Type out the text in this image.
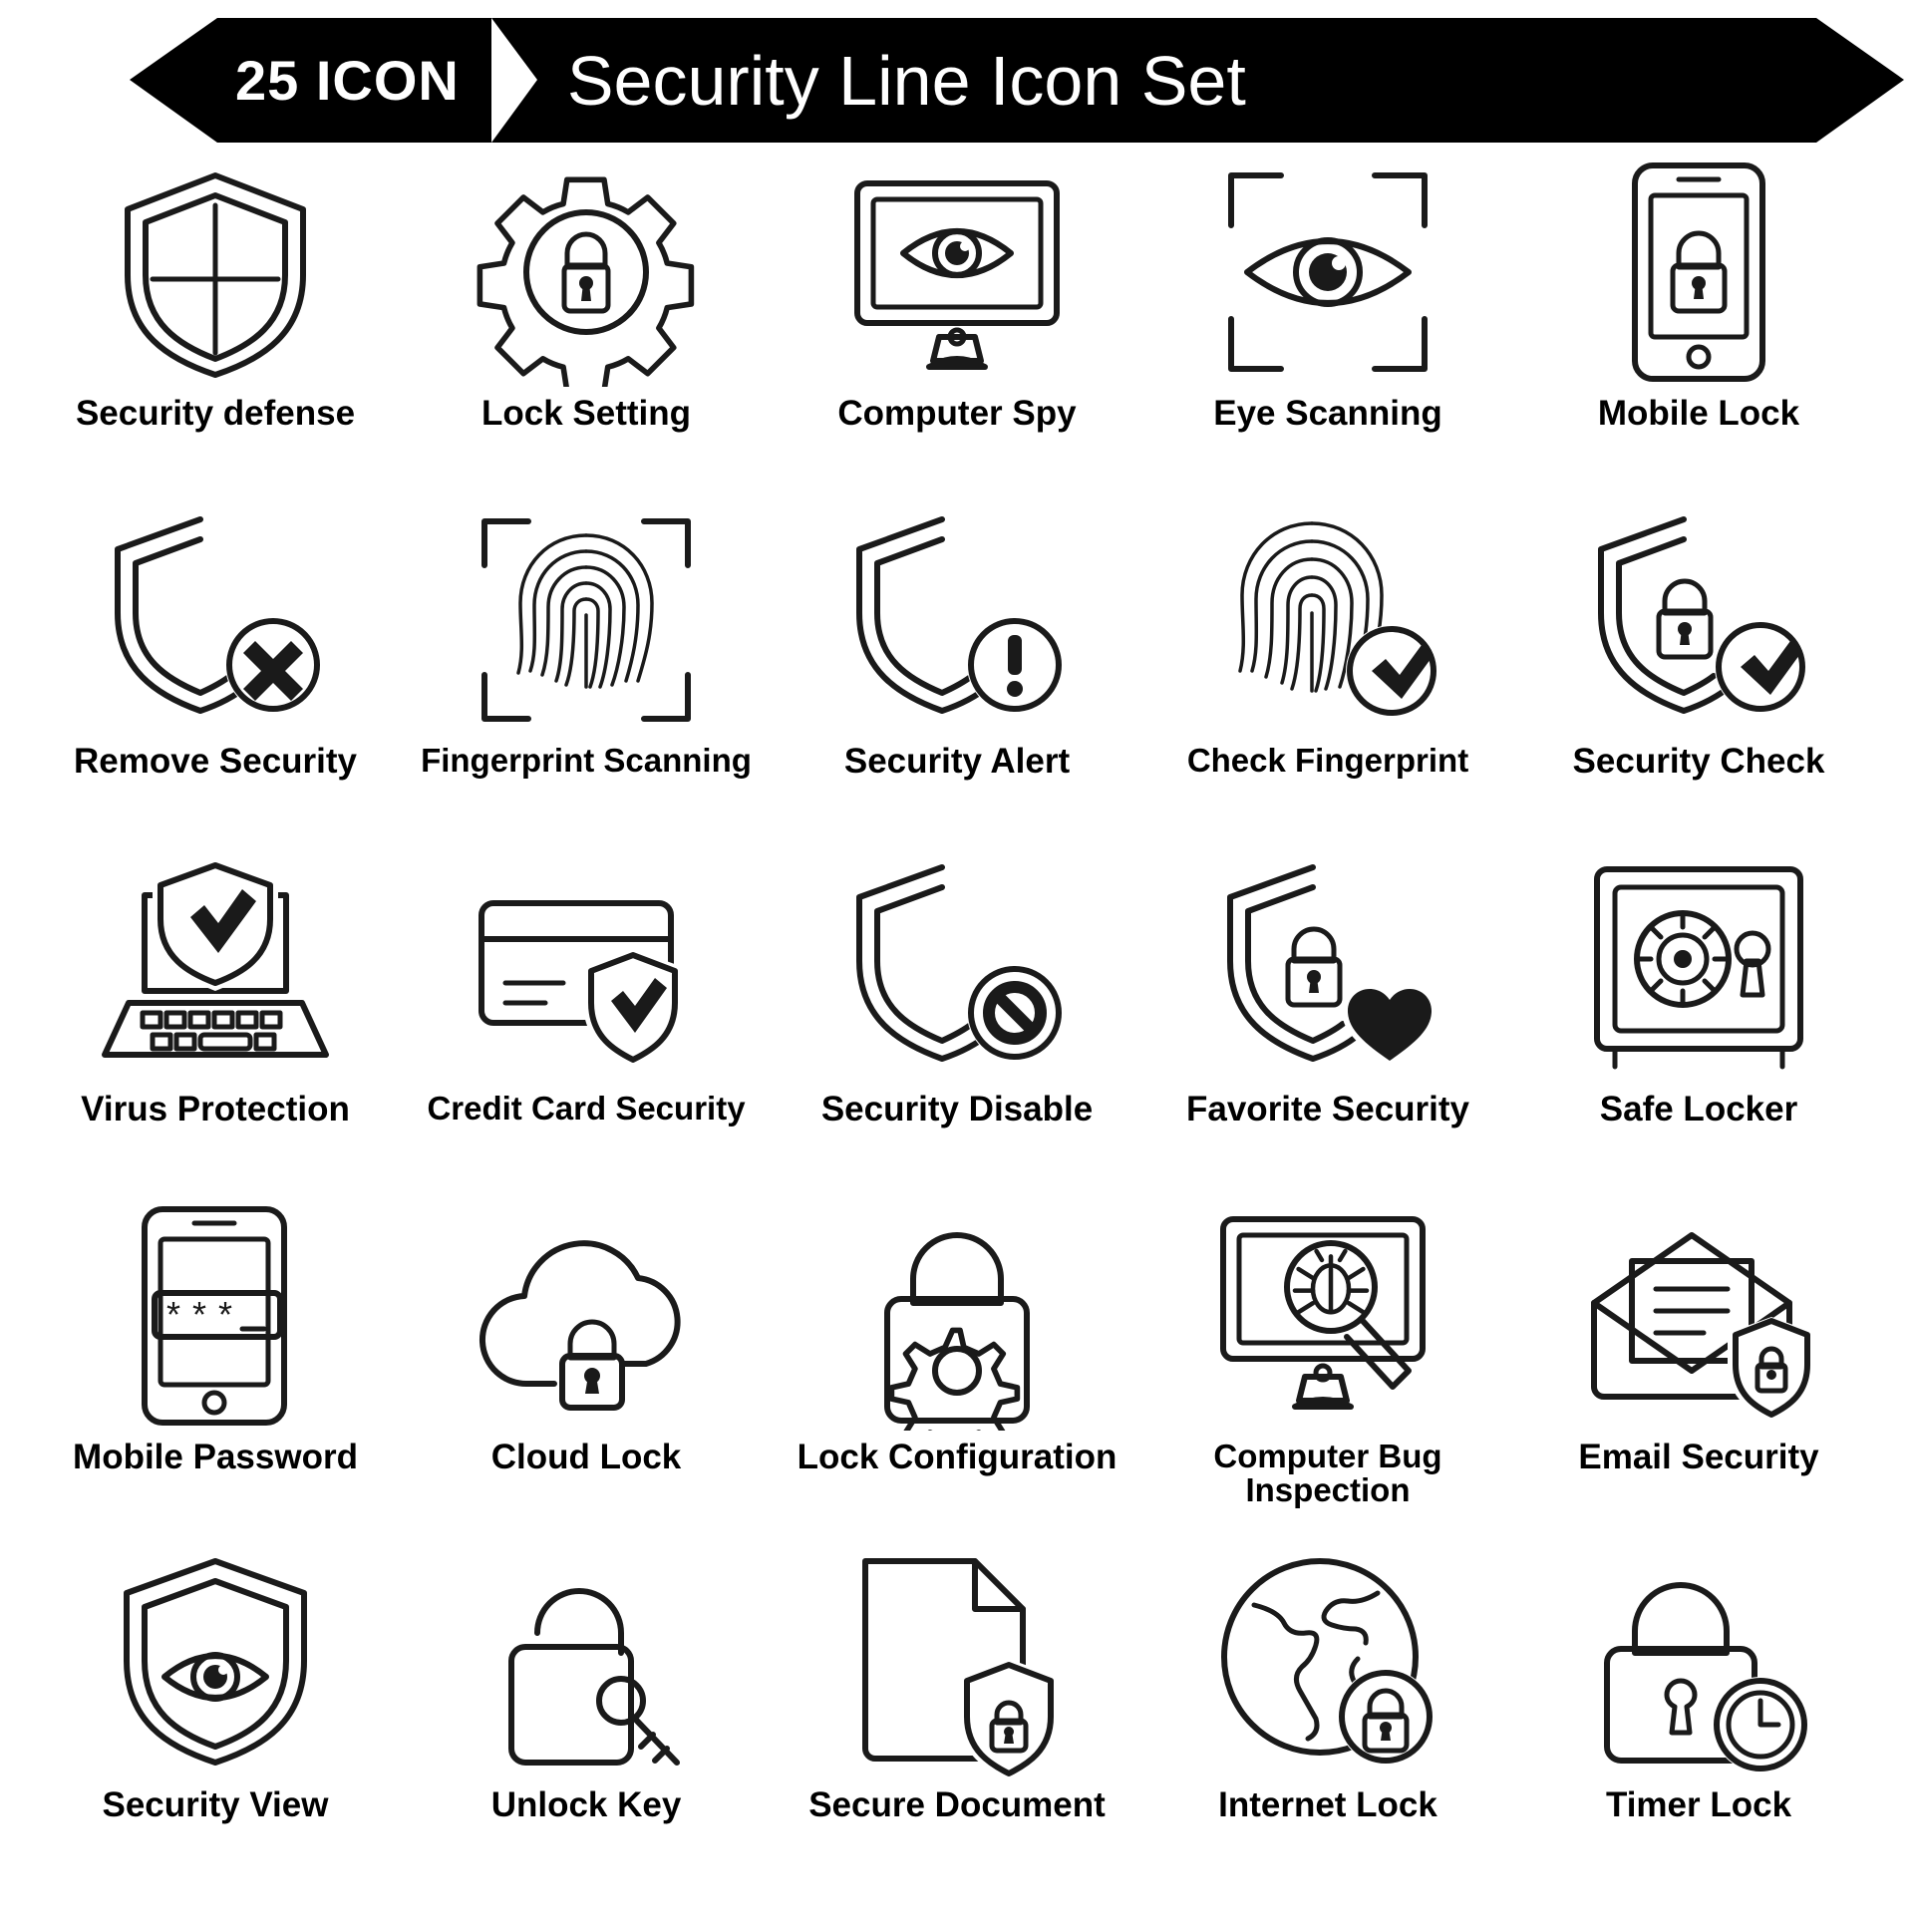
25 ICON	Security Line Icon Set
Security defense	Lock Setting	Computer Spy	Eye Scanning	Mobile Lock
Remove Security Fingerprint Scanning	Security Alert	Check Fingerprint	Security Check
Virus Protection Credit Card Security Security Disable	Favorite Security	Safe Locker
* * *
Mobile Password	Cloud Lock	Lock Configuration	Computer Bug Inspection
Email Security
Security View	Unlock Key	Secure Document	Internet Lock	Timer Lock
